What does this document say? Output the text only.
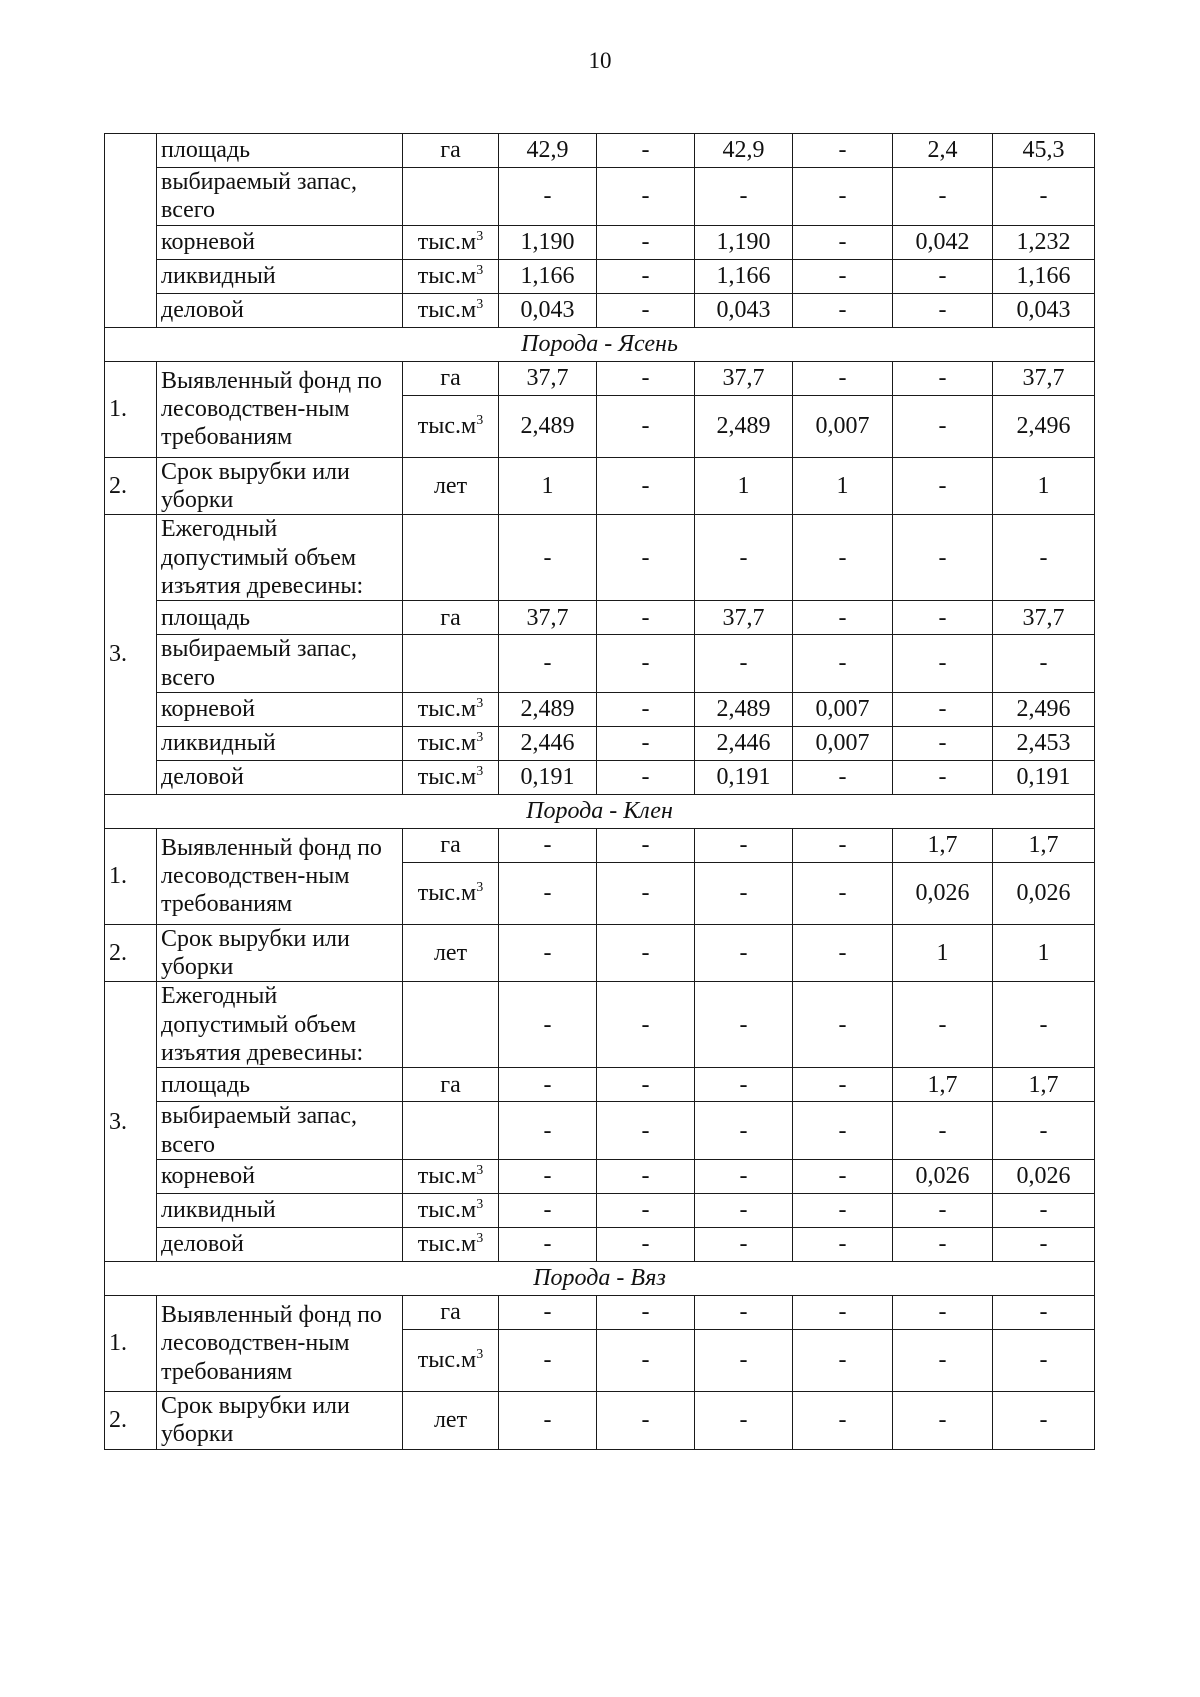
10
	площадь	га	42,9	-	42,9	-	2,4	45,3
	выбираемый запас, всего		-	-	-	-	-	-
	корневой	$тыс.м^3$	1,190	-	1,190	-	0,042	1,232
	ликвидный	$тыс.м^3$	1,166	-	1,166	-	-	1,166
	деловой	$тыс.м^3$	0,043	-	0,043	-	-	0,043
Порода - Ясень								
1.	Выявленный фонд по лесоводствен-ным требованиям	га	37,7	-	37,7	-	-	37,7
		$тыс.м^3$	2,489	-	2,489	0,007	-	2,496
2.	Срок вырубки или уборки	лет	1	-	1	1	-	1
3.	Ежегодный допустимый объем изъятия древесины:		-	-	-	-	-	-
	площадь	га	37,7	-	37,7	-	-	37,7
	выбираемый запас, всего		-	-	-	-	-	-
	корневой	$тыс.м^3$	2,489	-	2,489	0,007	-	2,496
	ликвидный	$тыс.м^3$	2,446	-	2,446	0,007	-	2,453
	деловой	$тыс.м^3$	0,191	-	0,191	-	-	0,191
Порода - Клен								
1.	Выявленный фонд по лесоводствен-ным требованиям	га	-	-	-	-	1,7	1,7
		$тыс.м^3$	-	-	-	-	0,026	0,026
2.	Срок вырубки или уборки	лет	-	-	-	-	1	1
3.	Ежегодный допустимый объем изъятия древесины:		-	-	-	-	-	-
	площадь	га	-	-	-	-	1,7	1,7
	выбираемый запас, всего		-	-	-	-	-	-
	корневой	$тыс.м^3$	-	-	-	-	0,026	0,026
	ликвидный	$тыс.м^3$	-	-	-	-	-	-
	деловой	$тыс.м^3$	-	-	-	-	-	-
Порода - Вяз								
1.	Выявленный фонд по лесоводствен-ным требованиям	га	-	-	-	-	-	-
		$тыс.м^3$	-	-	-	-	-	-
2.	Срок вырубки или уборки	лет	-	-	-	-	-	-
